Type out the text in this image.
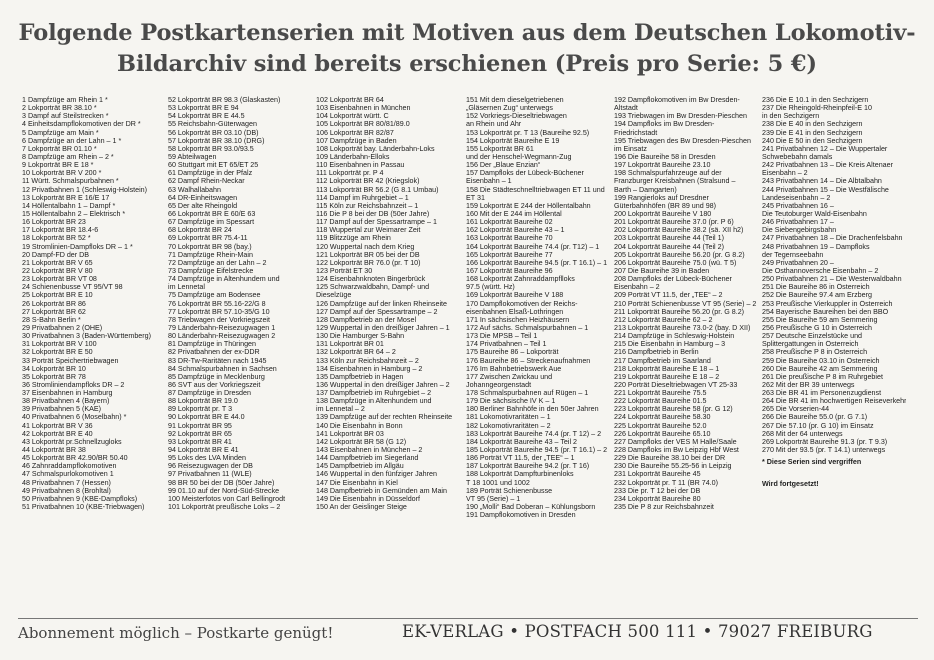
Folgende Postkartenserien mit Motiven aus dem Deutschen Lokomotiv-
Bildarchiv sind bereits erschienen (Preis pro Serie: 5 €)
1 Dampfzüge am Rhein 1 *
2 Lokporträt BR 38.10 *
3 Dampf auf Steilstrecken *
4 Einheitsdampflokomotiven der DR *
5 Dampfzüge am Main *
6 Dampfzüge an der Lahn – 1 *
7 Lokporträt BR 01.10 *
8 Dampfzüge am Rhein – 2 *
9 Lokporträt BR E 18 *
10 Lokporträt BR V 200 *
11 Württ. Schmalspurbahnen *
12 Privatbahnen 1 (Schleswig-Holstein)
13 Lokporträt BR E 16/E 17
14 Höllentalbahn 1 – Dampf *
15 Höllentalbahn 2 – Elektrisch *
16 Lokporträt BR 23
17 Lokporträt BR 18.4-6
18 Lokporträt BR 52 *
19 Stromlinien-Dampfloks DR – 1 *
20 Dampf-FD der DB
21 Lokporträt BR V 65
22 Lokporträt BR V 80
23 Lokporträt BR VT 08
24 Schienenbusse VT 95/VT 98
25 Lokporträt BR E 10
26 Lokporträt BR 86
27 Lokporträt BR 62
28 S-Bahn Berlin *
29 Privatbahnen 2 (OHE)
30 Privatbahnen 3 (Baden-Württemberg)
31 Lokporträt BR V 100
32 Lokporträt BR E 50
33 Porträt Speichertriebwagen
34 Lokporträt BR 10
35 Lokporträt BR 78
36 Stromliniendampfloks DR – 2
37 Eisenbahnen in Hamburg
38 Privatbahnen 4 (Bayern)
39 Privatbahnen 5 (KAE)
40 Privatbahnen 6 (Moselbahn) *
41 Lokporträt BR V 36
42 Lokporträt BR E 40
43 Lokporträt pr.Schnellzugloks
44 Lokporträt BR 38
45 Lokporträt BR 42.90/BR 50.40
46 Zahnraddampflokomotiven
47 Schmalspurlokomotiven 1
48 Privatbahnen 7 (Hessen)
49 Privatbahnen 8 (Brohltal)
50 Privatbahnen 9 (KBE-Dampfloks)
51 Privatbahnen 10 (KBE-Triebwagen)
52 Lokporträt BR 98.3 (Glaskasten)
53 Lokporträt BR E 94
54 Lokporträt BR E 44.5
55 Reichsbahn-Güterwagen
56 Lokporträt BR 03.10 (DB)
57 Lokporträt BR 38.10 (DRG)
58 Lokporträt BR 93.0/93.5
59 Abteilwagen
60 Stuttgart mit ET 65/ET 25
61 Dampfzüge in der Pfalz
62 Dampf Rhein-Neckar
63 Walhallabahn
64 DR-Einheitswagen
65 Der alte Rheingold
66 Lokporträt BR E 60/E 63
67 Dampfzüge im Spessart
68 Lokporträt BR 24
69 Lokporträt BR 75.4-11
70 Lokporträt BR 98 (bay.)
71 Dampfzüge Rhein-Main
72 Dampfzüge an der Lahn – 2
73 Dampfzüge Eifelstrecke
74 Dampfzüge in Altenhundem und
im Lennetal
75 Dampfzüge am Bodensee
76 Lokporträt BR 55.16-22/G 8
77 Lokporträt BR 57.10-35/G 10
78 Triebwagen der Vorkriegszeit
79 Länderbahn-Reisezugwagen 1
80 Länderbahn-Reisezugwagen 2
81 Dampfzüge in Thüringen
82 Privatbahnen der ex-DDR
83 DR-Tw-Raritäten nach 1945
84 Schmalspurbahnen in Sachsen
85 Dampfzüge in Mecklenburg
86 SVT aus der Vorkriegszeit
87 Dampfzüge in Dresden
88 Lokporträt BR 19.0
89 Lokporträt pr. T 3
90 Lokporträt BR E 44.0
91 Lokporträt BR 95
92 Lokporträt BR 65
93 Lokporträt BR 41
94 Lokporträt BR E 41
95 Loks des LVA Minden
96 Reisezugwagen der DB
97 Privatbahnen 11 (WLE)
98 BR 50 bei der DB (50er Jahre)
99 01.10 auf der Nord-Süd-Strecke
100 Meisterfotos von Carl Bellingrodt
101 Lokporträt preußische Loks – 2
102 Lokporträt BR 64
103 Eisenbahnen in München
104 Lokporträt württ. C
105 Lokporträt BR 80/81/89.0
106 Lokporträt BR 82/87
107 Dampfzüge in Baden
108 Lokporträt bay. Länderbahn-Loks
109 Länderbahn-Elloks
110 Eisenbahnen in Passau
111 Lokporträt pr. P 4
112 Lokporträt BR 42 (Kriegslok)
113 Lokporträt BR 56.2 (G 8.1 Umbau)
114 Dampf im Ruhrgebiet – 1
115 Köln zur Reichsbahnzeit – 1
116 Die P 8 bei der DB (50er Jahre)
117 Dampf auf der Spessartrampe – 1
118 Wuppertal zur Weimarer Zeit
119 Blitzzüge am Rhein
120 Wuppertal nach dem Krieg
121 Lokporträt BR 05 bei der DB
122 Lokporträt BR 76.0 (pr. T 10)
123 Porträt ET 30
124 Eisenbahnknoten Bingerbrück
125 Schwarzwaldbahn, Dampf- und
Dieselzüge
126 Dampfzüge auf der linken Rheinseite
127 Dampf auf der Spessartrampe – 2
128 Dampfbetrieb an der Mosel
129 Wuppertal in den dreißiger Jahren – 1
130 Die Hamburger S-Bahn
131 Lokporträt BR 01
132 Lokporträt BR 64 – 2
133 Köln zur Reichsbahnzeit – 2
134 Eisenbahnen in Hamburg – 2
135 Dampfbetrieb in Hagen
136 Wuppertal in den dreißiger Jahren – 2
137 Dampfbetrieb im Ruhrgebiet – 2
138 Dampfzüge in Altenhundem und
im Lennetal – 2
139 Dampfzüge auf der rechten Rheinseite
140 Die Eisenbahn in Bonn
141 Lokporträt BR 03
142 Lokporträt BR 58 (G 12)
143 Eisenbahnen in München – 2
144 Dampfbetrieb im Siegerland
145 Dampfbetrieb im Allgäu
146 Wuppertal in den fünfziger Jahren
147 Die Eisenbahn in Kiel
148 Dampfbetrieb in Gemünden am Main
149 Die Eisenbahn in Düsseldorf
150 An der Geislinger Steige
151 Mit dem dieselgetriebenen
„Gläsernen Zug“ unterwegs
152 Vorkriegs-Dieseltriebwagen
an Rhein und Ahr
153 Lokporträt pr. T 13 (Baureihe 92.5)
154 Lokporträt Baureihe E 19
155 Lokporträt BR 61
und der Henschel-Wegmann-Zug
156 Der „Blaue Enzian“
157 Dampfloks der Lübeck-Büchener
Eisenbahn – 1
158 Die Städteschnelltriebwagen ET 11 und
ET 31
159 Lokporträt E 244 der Höllentalbahn
160 Mit der E 244 im Höllental
161 Lokporträt Baureihe 02
162 Lokporträt Baureihe 43 – 1
163 Lokporträt Baureihe 70
164 Lokporträt Baureihe 74.4 (pr. T12) – 1
165 Lokporträt Baureihe 77
166 Lokporträt Baureihe 94.5 (pr. T 16.1) – 1
167 Lokporträt Baureihe 96
168 Lokporträt Zahnraddampflloks
97.5 (württ. Hz)
169 Lokporträt Baureihe V 188
170 Dampflokomotiven der Reichs-
eisenbahnen Elsaß-Lothringen
171 In sächsischen Heizhäusern
172 Auf sächs. Schmalspurbahnen – 1
173 Die MPSB – Teil 1
174 Privatbahnen – Teil 1
175 Baureihe 86 – Lokporträt
176 Baureihe 86 – Streckenaufnahmen
176 Im Bahnbetriebswerk Aue
177 Zwischen Zwickau und
Johanngeorgenstadt
178 Schmalspurbahnen auf Rügen – 1
179 Die sächsische IV K – 1
180 Berliner Bahnhöfe in den 50er Jahren
181 Lokomotivraritäten – 1
182 Lokomotivraritäten – 2
183 Lokporträt Baureihe 74.4 (pr. T 12) – 2
184 Lokporträt Baureihe 43 – Teil 2
185 Lokporträt Baureihe 94.5 (pr. T 16.1) – 2
186 Porträt VT 11.5, der „TEE“ – 1
187 Lokporträt Baureihe 94.2 (pr. T 16)
188 Lokporträt Dampfturbinenloks
T 18 1001 und 1002
189 Porträt Schienenbusse
VT 95 (Serie) – 1
190 „Molli“ Bad Doberan – Kühlungsborn
191 Dampflokomotiven in Dresden
192 Dampflokomotiven im Bw Dresden-
Altstadt
193 Triebwagen im Bw Dresden-Pieschen
194 Dampfloks im Bw Dresden-
Friedrichstadt
195 Triebwagen des Bw Dresden-Pieschen
im Einsatz
196 Die Baureihe 58 in Dresden
197 Lokporträt Baureihe 23.10
198 Schmalspurfahrzeuge auf der
Franzburger Kreisbahnen (Stralsund –
Barth – Damgarten)
199 Rangierloks auf Dresdner
Güterbahnhöfen (BR 89 und 98)
200 Lokporträt Baureihe V 180
201 Lokporträt Baureihe 37.0 (pr. P 6)
202 Lokporträt Baureihe 38.2 (sä. XII h2)
203 Lokporträt Baureihe 44 (Teil 1)
204 Lokporträt Baureihe 44 (Teil 2)
205 Lokporträt Baureihe 56.20 (pr. G 8.2)
206 Lokporträt Baureihe 75.0 (wü. T 5)
207 Die Baureihe 39 in Baden
208 Dampfloks der Lübeck-Büchener
Eisenbahn – 2
209 Porträt VT 11.5, der „TEE“ – 2
210 Porträt Schienenbusse VT 95 (Serie) – 2
211 Lokporträt Baureihe 56.20 (pr. G 8.2)
212 Lokporträt Baureihe 62 – 2
213 Lokporträt Baureihe 73.0-2 (bay. D XII)
214 Dampfzüge in Schleswig-Holstein
215 Die Eisenbahn in Hamburg – 3
216 Dampfbetrieb in Berlin
217 Dampfbetrieb im Saarland
218 Lokporträt Baureihe E 18 – 1
219 Lokporträt Baureihe E 18 – 2
220 Porträt Dieseltriebwagen VT 25-33
221 Lokporträt Baureihe 75.5
222 Lokporträt Baureihe 01.5
223 Lokporträt Baureihe 58 (pr. G 12)
224 Lokporträt Baureihe 58.30
225 Lokporträt Baureihe 52.0
226 Lokporträt Baureihe 65.10
227 Dampfloks der VES M Halle/Saale
228 Dampfloks im Bw Leipzig Hbf West
229 Die Baureihe 38.10 bei der DR
230 Die Baureihe 55.25-56 in Leipzig
231 Lokporträt Baureihe 45
232 Lokporträt pr. T 11 (BR 74.0)
233 Die pr. T 12 bei der DB
234 Lokporträt Baureihe 80
235 Die P 8 zur Reichsbahnzeit
236 Die E 10.1 in den Sechzigern
237 Die Rheingold-Rheinpfeil-E 10
in den Sechzigern
238 Die E 40 in den Sechzigern
239 Die E 41 in den Sechzigern
240 Die E 50 in den Sechzigern
241 Privatbahnen 12 – Die Wuppertaler
Schwebebahn damals
242 Privatbahnen 13 – Die Kreis Altenaer
Eisenbahn – 2
243 Privatbahnen 14 – Die Albtalbahn
244 Privatbahnen 15 – Die Westfälische
Landeseisenbahn – 2
245 Privatbahnen 16 –
Die Teutoburger Wald-Eisenbahn
246 Privatbahnen 17 –
Die Siebengebirgsbahn
247 Privatbahnen 18 – Die Drachenfelsbahn
248 Privatbahnen 19 – Dampfloks
der Tegernseebahn
249 Privatbahnen 20 –
Die Osthannoversche Eisenbahn – 2
250 Privatbahnen 21 – Die Westerwaldbahn
251 Die Baureihe 86 in Österreich
252 Die Baureihe 97.4 am Erzberg
253 Preußische Vierkuppler in Österreich
254 Bayerische Baureihen bei den BBÖ
255 Die Baureihe 59 am Semmering
256 Preußische G 10 in Österreich
257 Deutsche Einzelstücke und
Splittergattungen in Österreich
258 Preußische P 8 in Österreich
259 Die Baureihe 03.10 in Österreich
260 Die Baureihe 42 am Semmering
261 Die preußische P 8 im Ruhrgebiet
262 Mit der BR 39 unterwegs
263 Die BR 41 im Personenzugdienst
264 Die BR 41 im hochwertigen Reiseverkehr
265 Die Vorserien-44
266 Die Baureihe 55.0 (pr. G 7.1)
267 Die 57.10 (pr. G 10) im Einsatz
268 Mit der 64 unterwegs
269 Lokporträt Baureihe 91.3 (pr. T 9.3)
270 Mit der 93.5 (pr. T 14.1) unterwegs
* Diese Serien sind vergriffen
Wird fortgesetzt!
Abonnement möglich – Postkarte genügt!	EK-VERLAG • POSTFACH 500 111 • 79027 FREIBURG
